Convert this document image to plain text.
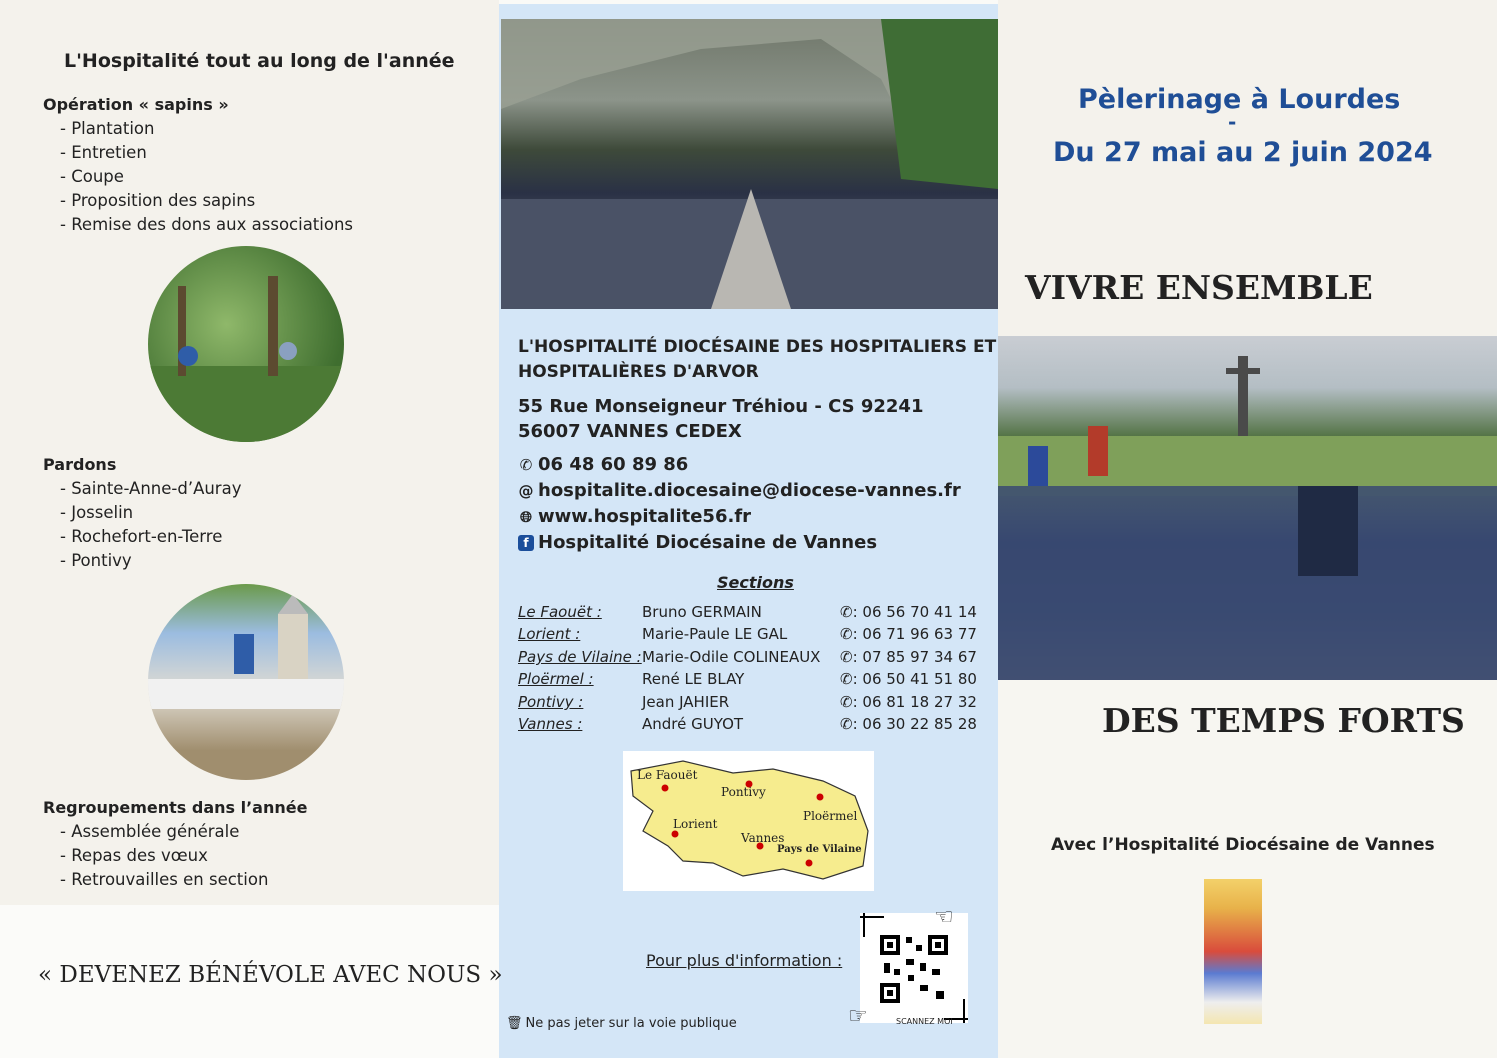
L'Hospitalité tout au long de l'année
Opération « sapins »
- Plantation
- Entretien
- Coupe
- Proposition des sapins
- Remise des dons aux associations
Pardons
- Sainte-Anne-d’Auray
- Josselin
- Rochefort-en-Terre
- Pontivy
Regroupements dans l’année
- Assemblée générale
- Repas des vœux
- Retrouvailles en section
« DEVENEZ BÉNÉVOLE AVEC NOUS »
L'HOSPITALITÉ DIOCÉSAINE DES HOSPITALIERS ET
HOSPITALIÈRES D'ARVOR
55 Rue Monseigneur Tréhiou - CS 92241
56007 VANNES CEDEX
✆ 06 48 60 89 86
@ hospitalite.diocesaine@diocese-vannes.fr
🌐︎ www.hospitalite56.fr
f Hospitalité Diocésaine de Vannes
Sections
Le Faouët :	Bruno GERMAIN	✆: 06 56 70 41 14
Lorient :	Marie-Paule LE GAL	✆: 06 71 96 63 77
Pays de Vilaine : Marie-Odile COLINEAUX ✆: 07 85 97 34 67
Ploërmel :	René LE BLAY	✆: 06 50 41 51 80
Pontivy :	Jean JAHIER	✆: 06 81 18 27 32
Vannes :	André GUYOT	✆: 06 30 22 85 28
Le Faouët
Pontivy
Ploërmel
Lorient
Vannes
Pays de Vilaine
Pour plus d'information :
SCANNEZ MOI
☜
☞
🗑︎ Ne pas jeter sur la voie publique
Pèlerinage à Lourdes
-
Du 27 mai au 2 juin 2024
VIVRE ENSEMBLE
DES TEMPS FORTS
Avec l’Hospitalité Diocésaine de Vannes
